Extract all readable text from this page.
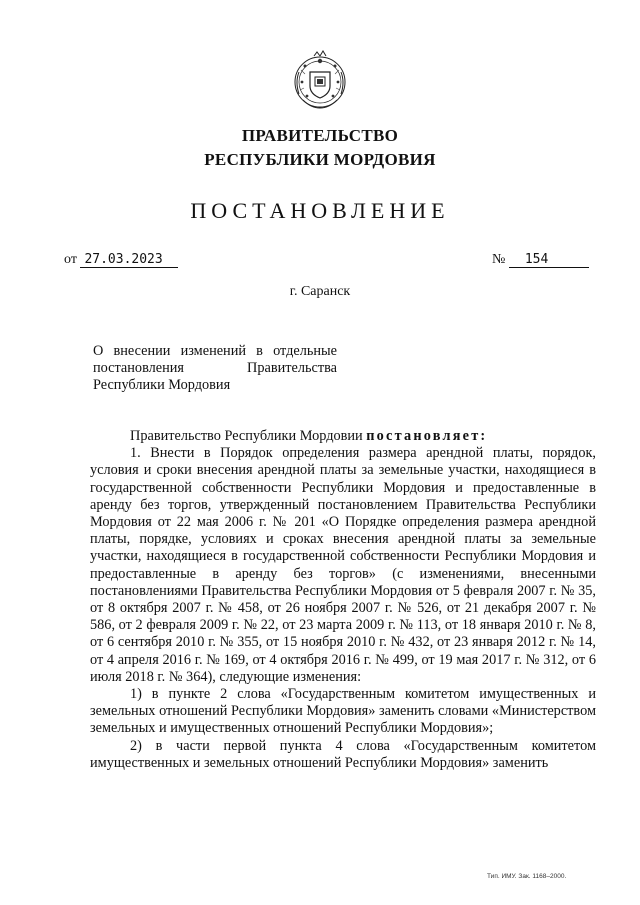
ПРАВИТЕЛЬСТВО
РЕСПУБЛИКИ МОРДОВИЯ
ПОСТАНОВЛЕНИЕ
от 27.03.2023	№ 154
г. Саранск
О внесении изменений в отдельные
постановления Правительства
Республики Мордовия

Правительство Республики Мордовии постановляет:

1. Внести в Порядок определения размера арендной платы, порядок, условия и сроки внесения арендной платы за земельные участки, находящиеся в государственной собственности Республики Мордовия и предоставленные в аренду без торгов, утвержденный постановлением Правительства Республики Мордовия от 22 мая 2006 г. № 201 «О Порядке определения размера арендной платы, порядке, условиях и сроках внесения арендной платы за земельные участки, находящиеся в государственной собственности Республики Мордовия и предоставленные в аренду без торгов» (с изменениями, внесенными постановлениями Правительства Республики Мордовия от 5 февраля 2007 г. № 35, от 8 октября 2007 г. № 458, от 26 ноября 2007 г. № 526, от 21 декабря 2007 г. № 586, от 2 февраля 2009 г. № 22, от 23 марта 2009 г. № 113, от 18 января 2010 г. № 8, от 6 сентября 2010 г. № 355, от 15 ноября 2010 г. № 432, от 23 января 2012 г. № 14, от 4 апреля 2016 г. № 169, от 4 октября 2016 г. № 499, от 19 мая 2017 г. № 312, от 6 июля 2018 г. № 364), следующие изменения:

1) в пункте 2 слова «Государственным комитетом имущественных и земельных отношений Республики Мордовия» заменить словами «Министерством земельных и имущественных отношений Республики Мордовия»;

2) в части первой пункта 4 слова «Государственным комитетом имущественных и земельных отношений Республики Мордовия» заменить

Тип. ИМУ. Зак. 1168–2000.
